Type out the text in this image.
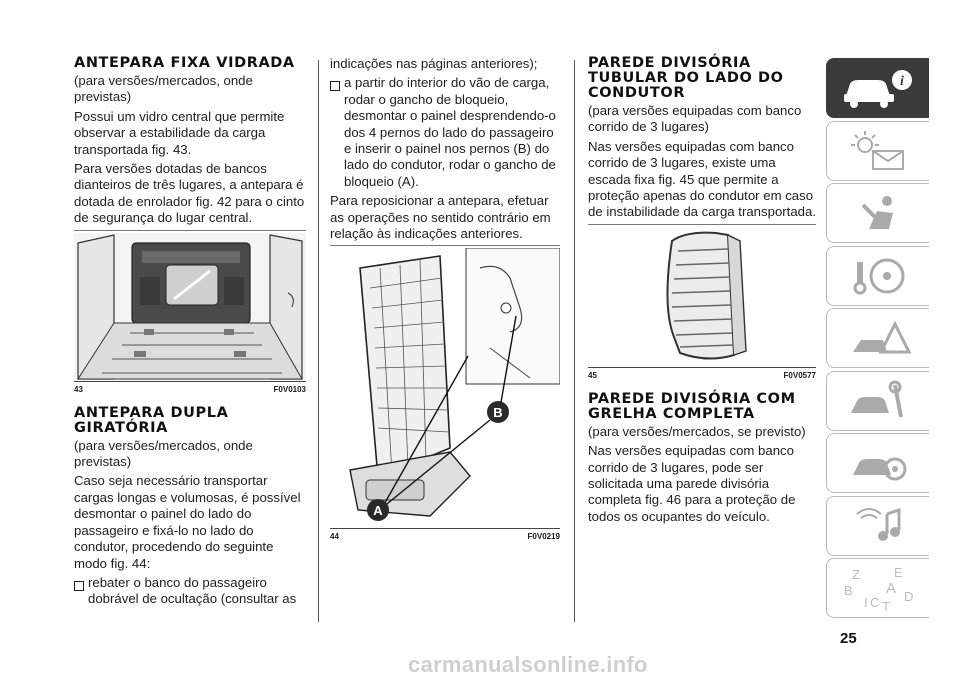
ANTEPARA FIXA VIDRADA

(para versões/mercados, onde previstas)

Possui um vidro central que permite observar a estabilidade da carga transportada fig. 43.

Para versões dotadas de bancos dianteiros de três lugares, a antepara é dotada de enrolador fig. 42 para o cinto de segurança do lugar central.

43	F0V0103
ANTEPARA DUPLA GIRATÓRIA

(para versões/mercados, onde previstas)

Caso seja necessário transportar cargas longas e volumosas, é possível desmontar o painel do lado do passageiro e fixá-lo no lado do condutor, procedendo do seguinte modo fig. 44:

rebater o banco do passageiro dobrável de ocultação (consultar as

indicações nas páginas anteriores);

a partir do interior do vão de carga, rodar o gancho de bloqueio, desmontar o painel desprendendo-o dos 4 pernos do lado do passageiro e inserir o painel nos pernos (B) do lado do condutor, rodar o gancho de bloqueio (A).

Para reposicionar a antepara, efetuar as operações no sentido contrário em relação às indicações anteriores.

A
B
44	F0V0219
PAREDE DIVISÓRIA TUBULAR DO LADO DO CONDUTOR

(para versões equipadas com banco corrido de 3 lugares)

Nas versões equipadas com banco corrido de 3 lugares, existe uma escada fixa fig. 45 que permite a proteção apenas do condutor em caso de instabilidade da carga transportada.

45	F0V0577
PAREDE DIVISÓRIA COM GRELHA COMPLETA

(para versões/mercados, se previsto)

Nas versões equipadas com banco corrido de 3 lugares, pode ser solicitada uma parede divisória completa fig. 46 para a proteção de todos os ocupantes do veículo.

i
Z	E
B A
I C T
D
25
carmanualsonline.info
